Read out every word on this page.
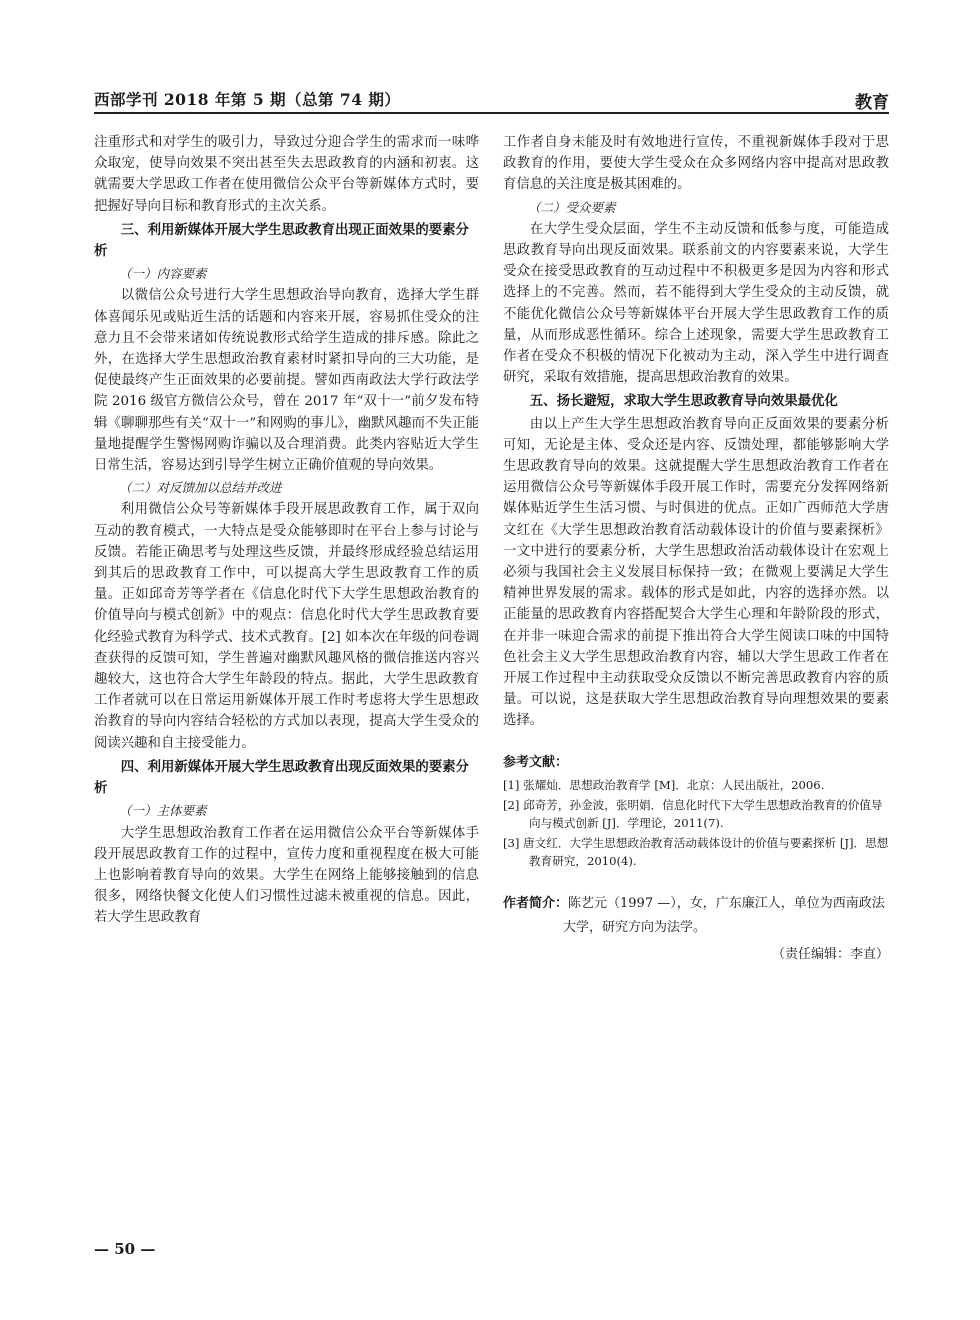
西部学刊 2018 年第 5 期（总第 74 期）	教育

注重形式和对学生的吸引力，导致过分迎合学生的需求而一味哗众取宠，使导向效果不突出甚至失去思政教育的内涵和初衷。这就需要大学思政工作者在使用微信公众平台等新媒体方式时，要把握好导向目标和教育形式的主次关系。

三、利用新媒体开展大学生思政教育出现正面效果的要素分析
（一）内容要素

以微信公众号进行大学生思想政治导向教育，选择大学生群体喜闻乐见或贴近生活的话题和内容来开展，容易抓住受众的注意力且不会带来诸如传统说教形式给学生造成的排斥感。除此之外，在选择大学生思想政治教育素材时紧扣导向的三大功能，是促使最终产生正面效果的必要前提。譬如西南政法大学行政法学院 2016 级官方微信公众号，曾在 2017 年“双十一”前夕发布特辑《聊聊那些有关“双十一”和网购的事儿》，幽默风趣而不失正能量地提醒学生警惕网购诈骗以及合理消费。此类内容贴近大学生日常生活，容易达到引导学生树立正确价值观的导向效果。

（二）对反馈加以总结并改进

利用微信公众号等新媒体手段开展思政教育工作，属于双向互动的教育模式，一大特点是受众能够即时在平台上参与讨论与反馈。若能正确思考与处理这些反馈，并最终形成经验总结运用到其后的思政教育工作中，可以提高大学生思政教育工作的质量。正如邱奇芳等学者在《信息化时代下大学生思想政治教育的价值导向与模式创新》中的观点：信息化时代大学生思政教育要化经验式教育为科学式、技术式教育。[2] 如本次在年级的问卷调查获得的反馈可知，学生普遍对幽默风趣风格的微信推送内容兴趣较大，这也符合大学生年龄段的特点。据此，大学生思政教育工作者就可以在日常运用新媒体开展工作时考虑将大学生思想政治教育的导向内容结合轻松的方式加以表现，提高大学生受众的阅读兴趣和自主接受能力。

四、利用新媒体开展大学生思政教育出现反面效果的要素分析
（一）主体要素

大学生思想政治教育工作者在运用微信公众平台等新媒体手段开展思政教育工作的过程中，宣传力度和重视程度在极大可能上也影响着教育导向的效果。大学生在网络上能够接触到的信息很多，网络快餐文化使人们习惯性过滤未被重视的信息。因此，若大学生思政教育

工作者自身未能及时有效地进行宣传，不重视新媒体手段对于思政教育的作用，要使大学生受众在众多网络内容中提高对思政教育信息的关注度是极其困难的。

（二）受众要素

在大学生受众层面，学生不主动反馈和低参与度，可能造成思政教育导向出现反面效果。联系前文的内容要素来说，大学生受众在接受思政教育的互动过程中不积极更多是因为内容和形式选择上的不完善。然而，若不能得到大学生受众的主动反馈，就不能优化微信公众号等新媒体平台开展大学生思政教育工作的质量，从而形成恶性循环。综合上述现象，需要大学生思政教育工作者在受众不积极的情况下化被动为主动，深入学生中进行调查研究，采取有效措施，提高思想政治教育的效果。

五、扬长避短，求取大学生思政教育导向效果最优化

由以上产生大学生思想政治教育导向正反面效果的要素分析可知，无论是主体、受众还是内容、反馈处理，都能够影响大学生思政教育导向的效果。这就提醒大学生思想政治教育工作者在运用微信公众号等新媒体手段开展工作时，需要充分发挥网络新媒体贴近学生生活习惯、与时俱进的优点。正如广西师范大学唐文红在《大学生思想政治教育活动载体设计的价值与要素探析》一文中进行的要素分析，大学生思想政治活动载体设计在宏观上必须与我国社会主义发展目标保持一致；在微观上要满足大学生精神世界发展的需求。载体的形式是如此，内容的选择亦然。以正能量的思政教育内容搭配契合大学生心理和年龄阶段的形式，在并非一味迎合需求的前提下推出符合大学生阅读口味的中国特色社会主义大学生思想政治教育内容，辅以大学生思政工作者在开展工作过程中主动获取受众反馈以不断完善思政教育内容的质量。可以说，这是获取大学生思想政治教育导向理想效果的要素选择。

参考文献：

[1] 张耀灿．思想政治教育学 [M]．北京：人民出版社，2006.

[2] 邱奇芳，孙金波，张明娟．信息化时代下大学生思想政治教育的价值导向与模式创新 [J]．学理论，2011(7).

[3] 唐文红．大学生思想政治教育活动载体设计的价值与要素探析 [J]．思想教育研究，2010(4).

作者简介：陈艺元（1997 —），女，广东廉江人，单位为西南政法大学，研究方向为法学。

（责任编辑：李直）

— 50 —
